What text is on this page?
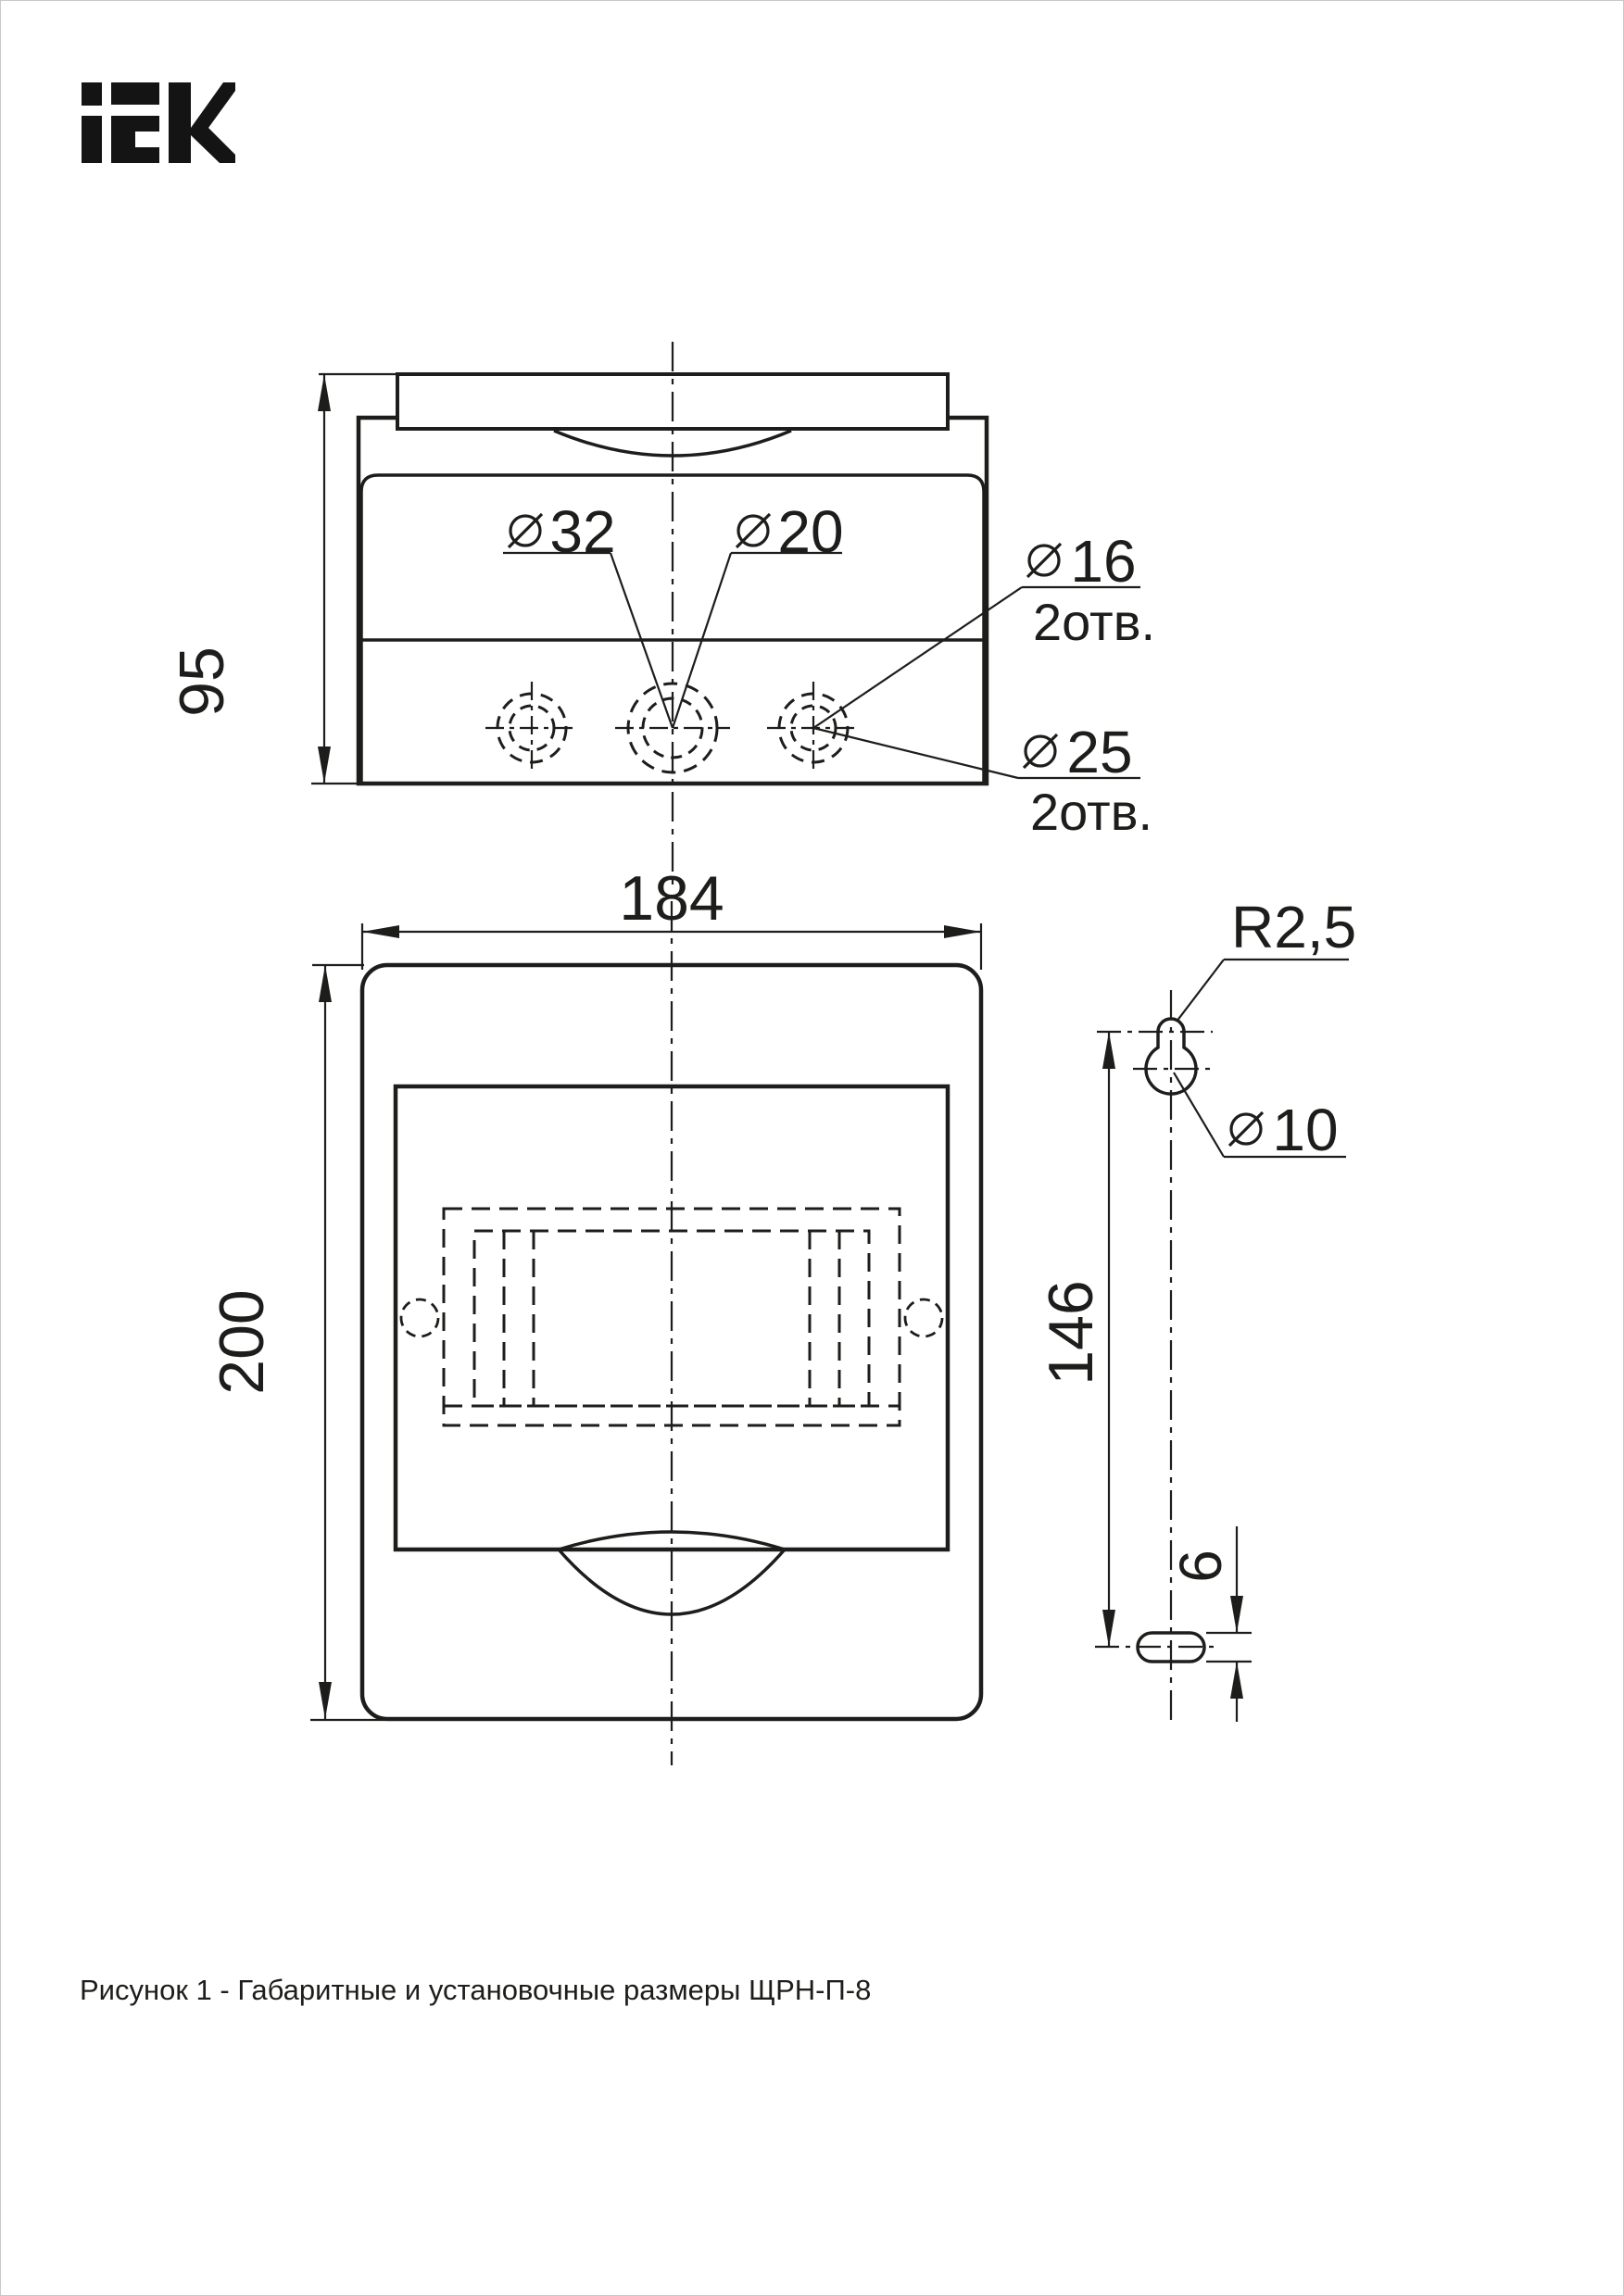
95
32	20	16
2отв.
25
2отв.
184
200
R2,5
10
146
6
Рисунок 1 - Габаритные и установочные размеры ЩРН-П-8
